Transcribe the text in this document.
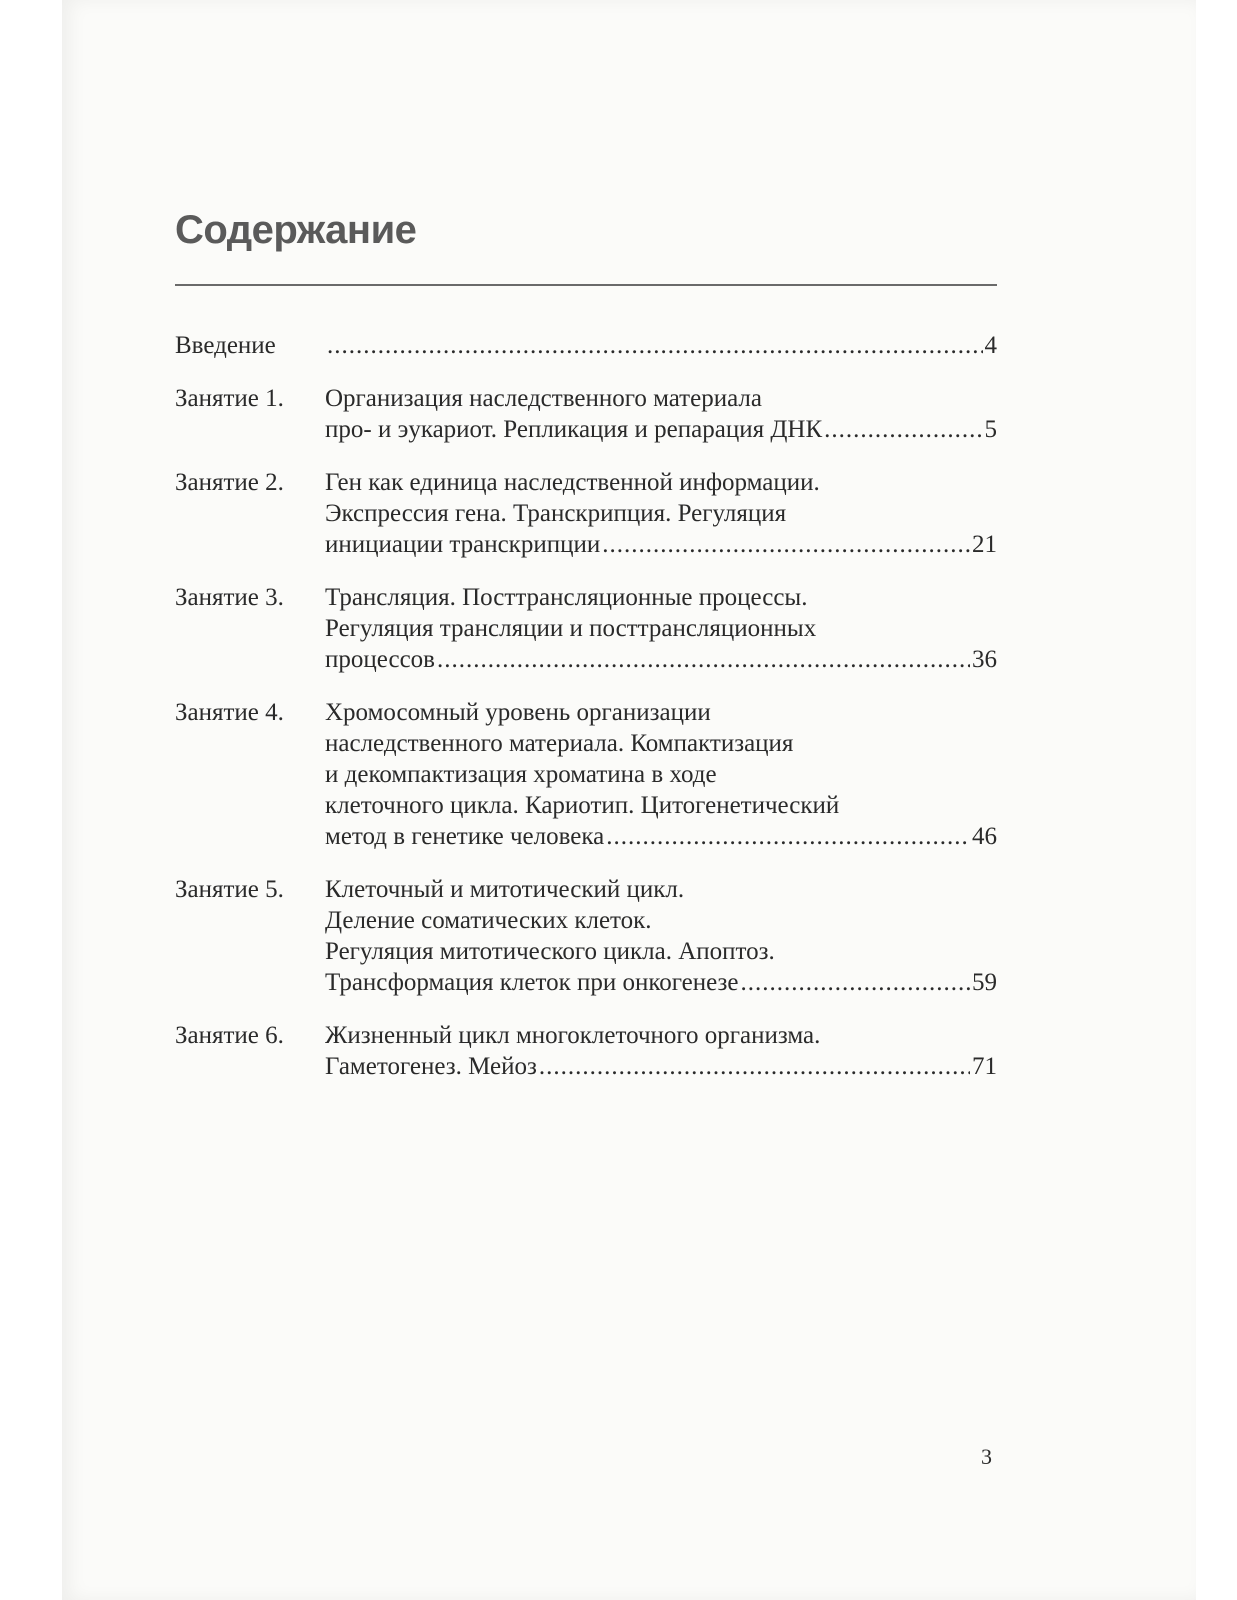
Содержание
Введение .....	4
Занятие 1.	Организация наследственного материала
про- и эукариот. Репликация и репарация ДНК .....	5
Занятие 2.	Ген как единица наследственной информации.
Экспрессия гена. Транскрипция. Регуляция
инициации транскрипции .....	21
Занятие 3.	Трансляция. Посттрансляционные процессы.
Регуляция трансляции и посттрансляционных
процессов .....	36
Занятие 4.	Хромосомный уровень организации
наследственного материала. Компактизация
и декомпактизация хроматина в ходе
клеточного цикла. Кариотип. Цитогенетический
метод в генетике человека .....	46
Занятие 5.	Клеточный и митотический цикл.
Деление соматических клеток.
Регуляция митотического цикла. Апоптоз.
Трансформация клеток при онкогенезе .....	59
Занятие 6.	Жизненный цикл многоклеточного организма.
Гаметогенез. Мейоз .....	71
3
